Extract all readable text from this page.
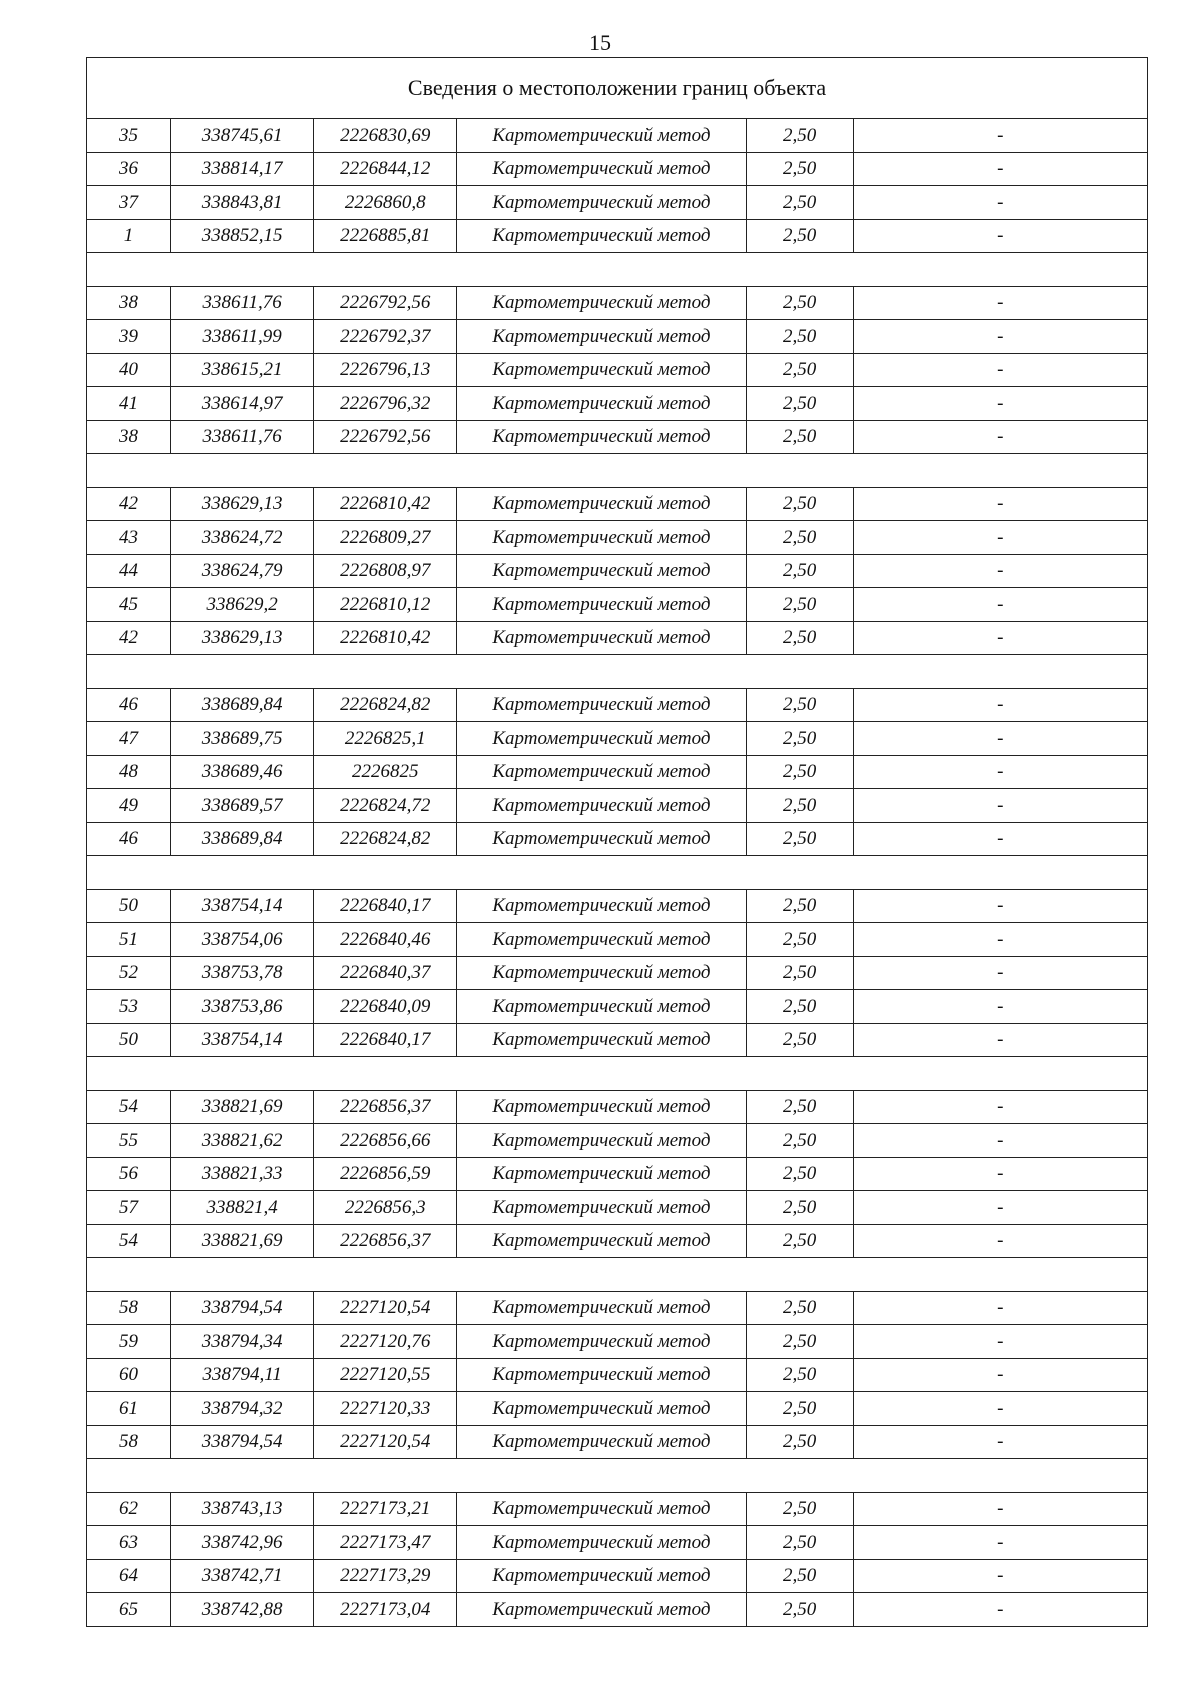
15
Сведения о местоположении границ объекта					
35	338745,61	2226830,69	Картометрический метод	2,50	-
36	338814,17	2226844,12	Картометрический метод	2,50	-
37	338843,81	2226860,8	Картометрический метод	2,50	-
1	338852,15	2226885,81	Картометрический метод	2,50	-

38	338611,76	2226792,56	Картометрический метод	2,50	-
39	338611,99	2226792,37	Картометрический метод	2,50	-
40	338615,21	2226796,13	Картометрический метод	2,50	-
41	338614,97	2226796,32	Картометрический метод	2,50	-
38	338611,76	2226792,56	Картометрический метод	2,50	-

42	338629,13	2226810,42	Картометрический метод	2,50	-
43	338624,72	2226809,27	Картометрический метод	2,50	-
44	338624,79	2226808,97	Картометрический метод	2,50	-
45	338629,2	2226810,12	Картометрический метод	2,50	-
42	338629,13	2226810,42	Картометрический метод	2,50	-

46	338689,84	2226824,82	Картометрический метод	2,50	-
47	338689,75	2226825,1	Картометрический метод	2,50	-
48	338689,46	2226825	Картометрический метод	2,50	-
49	338689,57	2226824,72	Картометрический метод	2,50	-
46	338689,84	2226824,82	Картометрический метод	2,50	-

50	338754,14	2226840,17	Картометрический метод	2,50	-
51	338754,06	2226840,46	Картометрический метод	2,50	-
52	338753,78	2226840,37	Картометрический метод	2,50	-
53	338753,86	2226840,09	Картометрический метод	2,50	-
50	338754,14	2226840,17	Картометрический метод	2,50	-

54	338821,69	2226856,37	Картометрический метод	2,50	-
55	338821,62	2226856,66	Картометрический метод	2,50	-
56	338821,33	2226856,59	Картометрический метод	2,50	-
57	338821,4	2226856,3	Картометрический метод	2,50	-
54	338821,69	2226856,37	Картометрический метод	2,50	-

58	338794,54	2227120,54	Картометрический метод	2,50	-
59	338794,34	2227120,76	Картометрический метод	2,50	-
60	338794,11	2227120,55	Картометрический метод	2,50	-
61	338794,32	2227120,33	Картометрический метод	2,50	-
58	338794,54	2227120,54	Картометрический метод	2,50	-

62	338743,13	2227173,21	Картометрический метод	2,50	-
63	338742,96	2227173,47	Картометрический метод	2,50	-
64	338742,71	2227173,29	Картометрический метод	2,50	-
65	338742,88	2227173,04	Картометрический метод	2,50	-
